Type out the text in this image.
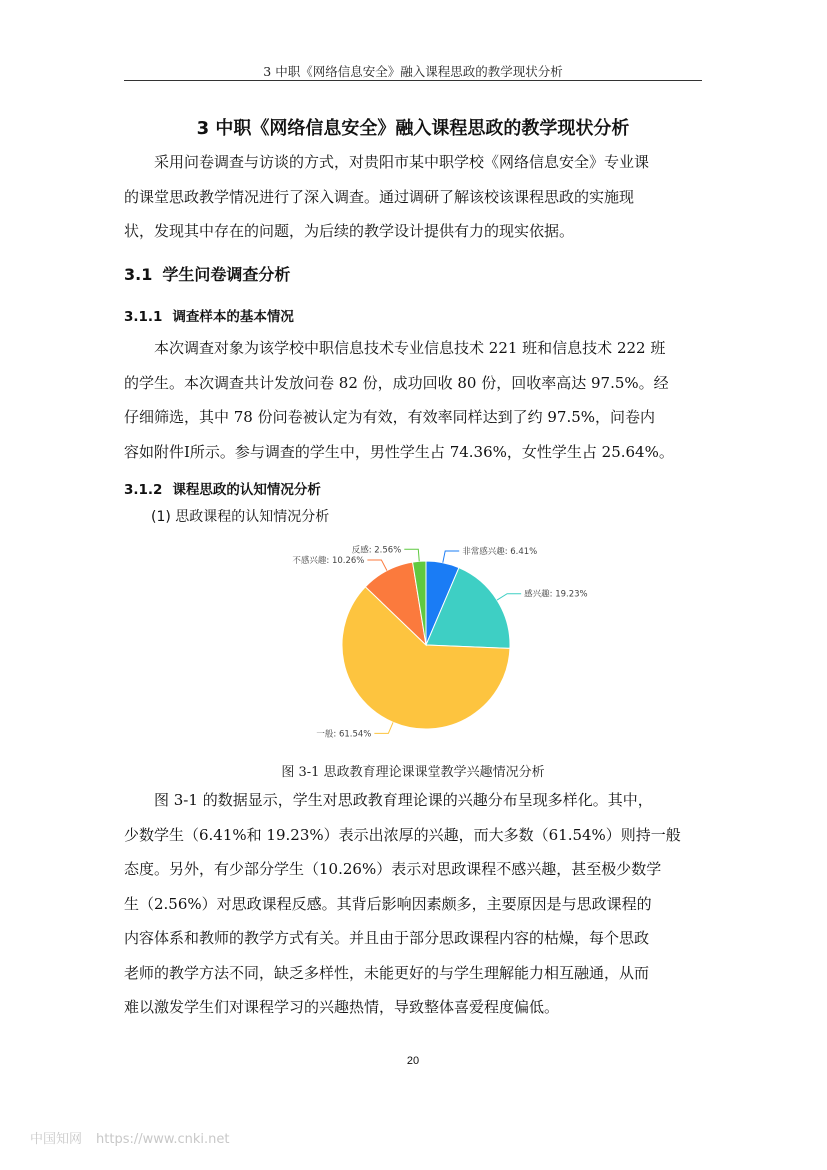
3 中职《网络信息安全》融入课程思政的教学现状分析
3 中职《网络信息安全》融入课程思政的教学现状分析

采用问卷调查与访谈的方式，对贵阳市某中职学校《网络信息安全》专业课
的课堂思政教学情况进行了深入调查。通过调研了解该校该课程思政的实施现
状，发现其中存在的问题，为后续的教学设计提供有力的现实依据。

3.1 学生问卷调查分析
3.1.1 调查样本的基本情况

本次调查对象为该学校中职信息技术专业信息技术 221 班和信息技术 222 班
的学生。本次调查共计发放问卷 82 份，成功回收 80 份，回收率高达 97.5%。经
仔细筛选，其中 78 份问卷被认定为有效，有效率同样达到了约 97.5%，问卷内
容如附件I所示。参与调查的学生中，男性学生占 74.36%，女性学生占 25.64%。

3.1.2 课程思政的认知情况分析
(1) 思政课程的认知情况分析
非常感兴趣: 6.41%
感兴趣: 19.23%
一般: 61.54%
不感兴趣: 10.26%
反感: 2.56%
图 3-1 思政教育理论课课堂教学兴趣情况分析

图 3-1 的数据显示，学生对思政教育理论课的兴趣分布呈现多样化。其中，
少数学生（6.41%和 19.23%）表示出浓厚的兴趣，而大多数（61.54%）则持一般
态度。另外，有少部分学生（10.26%）表示对思政课程不感兴趣，甚至极少数学
生（2.56%）对思政课程反感。其背后影响因素颇多，主要原因是与思政课程的
内容体系和教师的教学方式有关。并且由于部分思政课程内容的枯燥，每个思政
老师的教学方法不同，缺乏多样性，未能更好的与学生理解能力相互融通，从而
难以激发学生们对课程学习的兴趣热情，导致整体喜爱程度偏低。

20
中国知网 https://www.cnki.net
